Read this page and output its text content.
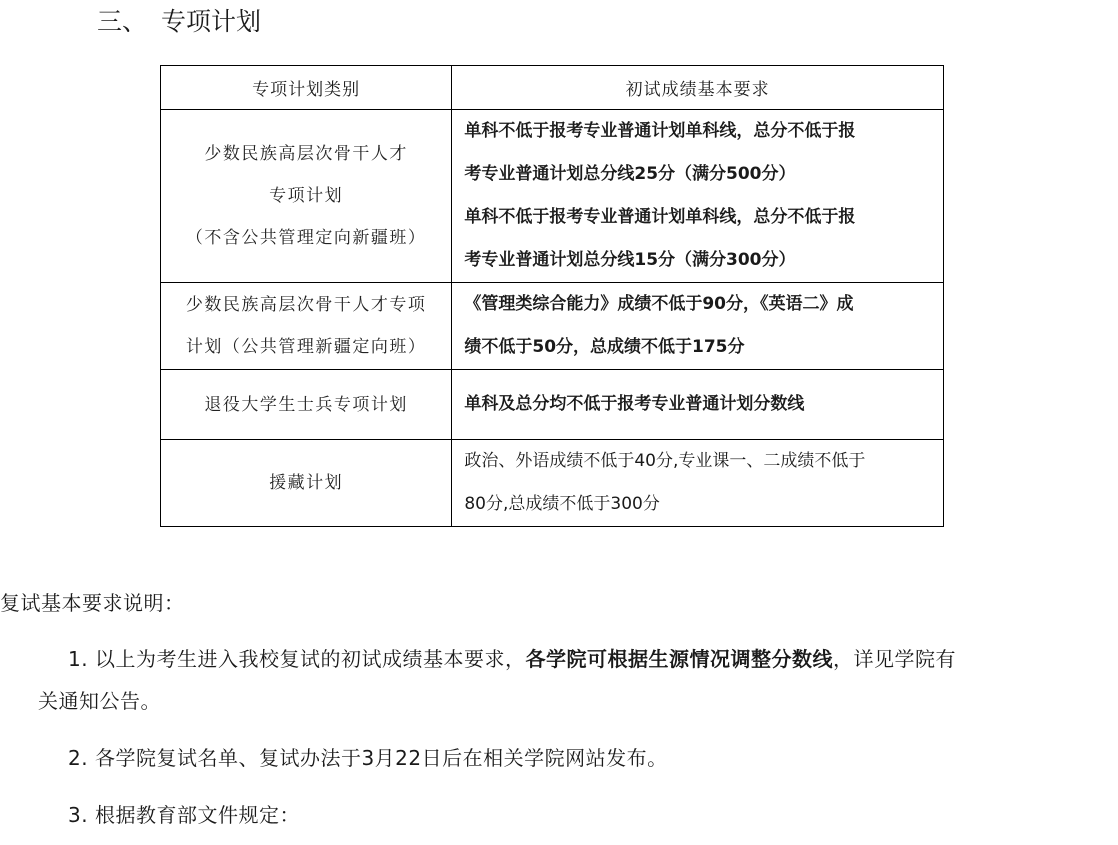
三、 专项计划
专项计划类别	初试成绩基本要求

少数民族高层次骨干人才
专项计划
（不含公共管理定向新疆班）	单科不低于报考专业普通计划单科线，总分不低于报
考专业普通计划总分线25分（满分500分）
单科不低于报考专业普通计划单科线，总分不低于报
考专业普通计划总分线15分（满分300分）

少数民族高层次骨干人才专项
计划（公共管理新疆定向班）	《管理类综合能力》成绩不低于90分，《英语二》成
绩不低于50分，总成绩不低于175分

退役大学生士兵专项计划	单科及总分均不低于报考专业普通计划分数线

援藏计划	政治、外语成绩不低于40分,专业课一、二成绩不低于
80分,总成绩不低于300分
复试基本要求说明：
1. 以上为考生进入我校复试的初试成绩基本要求，各学院可根据生源情况调整分数线，详见学院有
关通知公告。
2. 各学院复试名单、复试办法于3月22日后在相关学院网站发布。
3. 根据教育部文件规定：
